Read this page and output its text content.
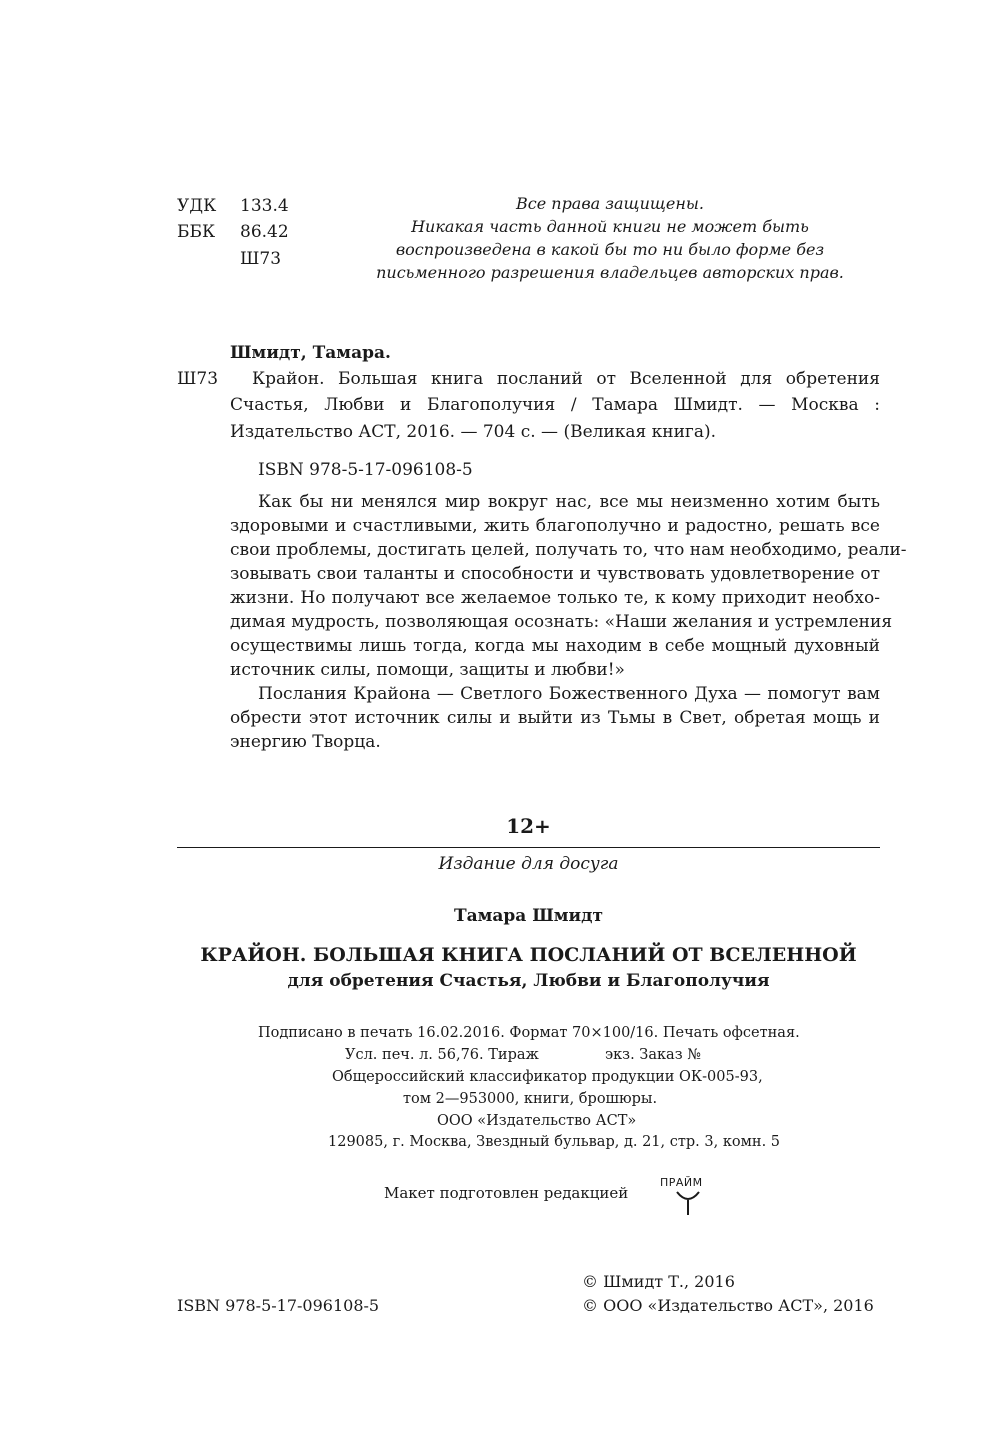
УДК 133.4
ББК 86.42
Ш73
Все права защищены.
Никакая часть данной книги не может быть
воспроизведена в какой бы то ни было форме без
письменного разрешения владельцев авторских прав.
Шмидт, Тамара.
Ш73 Крайон. Большая книга посланий от Вселенной для обретения
Счастья, Любви и Благополучия / Тамара Шмидт. — Москва :
Издательство АСТ, 2016. — 704 с. — (Великая книга).
ISBN 978-5-17-096108-5
Как бы ни менялся мир вокруг нас, все мы неизменно хотим быть
здоровыми и счастливыми, жить благополучно и радостно, решать все
свои проблемы, достигать целей, получать то, что нам необходимо, реали-
зовывать свои таланты и способности и чувствовать удовлетворение от
жизни. Но получают все желаемое только те, к кому приходит необхо-
димая мудрость, позволяющая осознать: «Наши желания и устремления
осуществимы лишь тогда, когда мы находим в себе мощный духовный
источник силы, помощи, защиты и любви!»
Послания Крайона — Светлого Божественного Духа — помогут вам
обрести этот источник силы и выйти из Тьмы в Свет, обретая мощь и
энергию Творца.
12+
Издание для досуга
Тамара Шмидт
КРАЙОН. БОЛЬШАЯ КНИГА ПОСЛАНИЙ ОТ ВСЕЛЕННОЙ
для обретения Счастья, Любви и Благополучия
Подписано в печать 16.02.2016. Формат 70×100/16. Печать офсетная.
Усл. печ. л. 56,76. Тираж	экз. Заказ №
Общероссийский классификатор продукции ОК-005-93,
том 2—953000, книги, брошюры.
ООО «Издательство АСТ»
129085, г. Москва, Звездный бульвар, д. 21, стр. 3, комн. 5
Макет подготовлен редакцией
ПРАЙМ
© Шмидт Т., 2016
ISBN 978-5-17-096108-5	© ООО «Издательство АСТ», 2016
